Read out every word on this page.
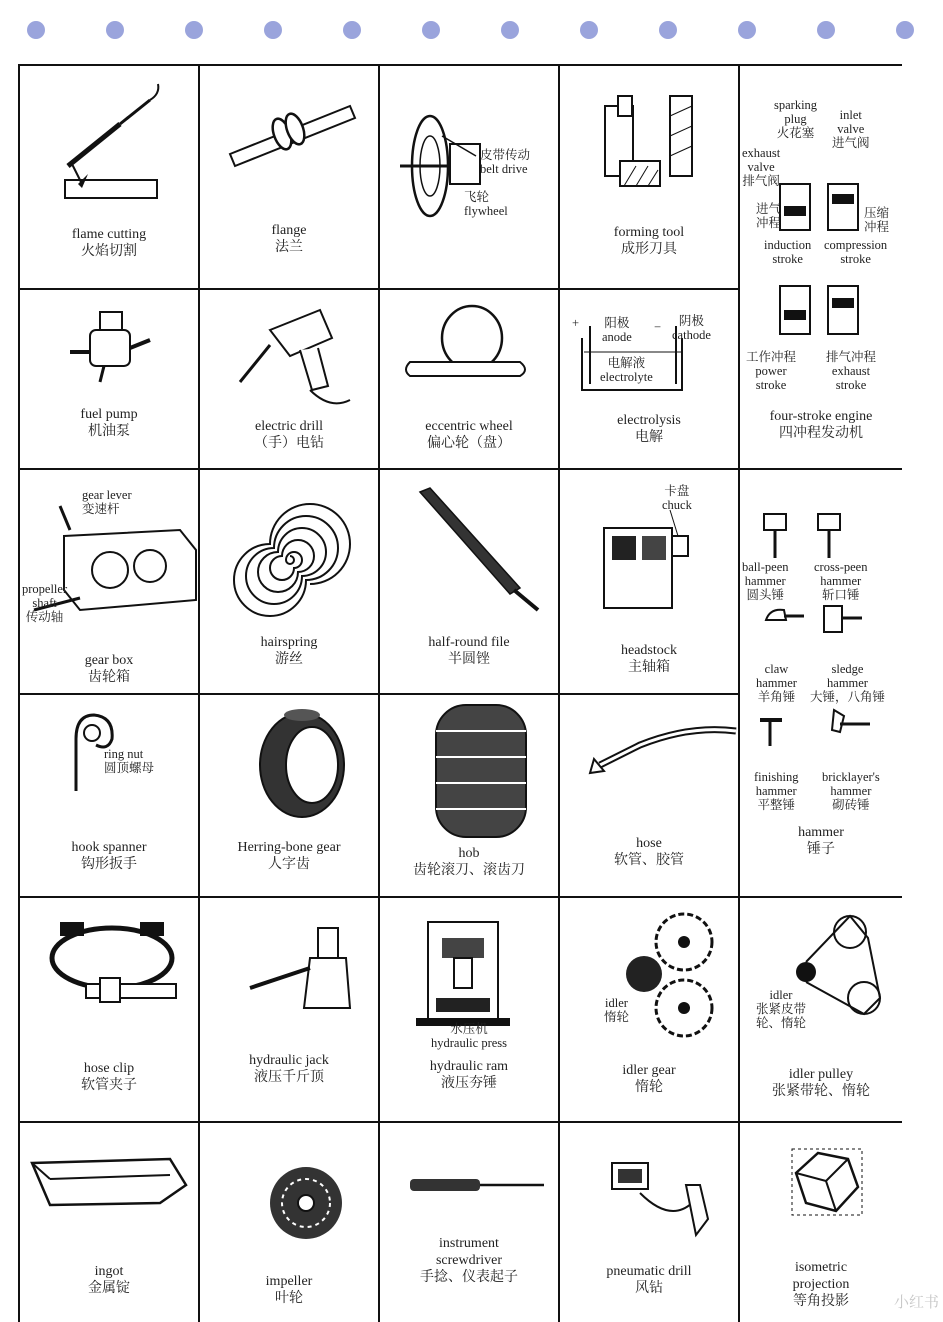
flame cutting
火焰切割
flange
法兰
皮带传动
belt drive
飞轮
flywheel
forming tool
成形刀具
sparking
plug
火花塞
inlet
valve
进气阀
exhaust
valve
排气阀
进气
冲程
压缩
冲程
induction
stroke
compression
stroke
工作冲程
power
stroke
排气冲程
exhaust
stroke
four-stroke engine
四冲程发动机
fuel pump
机油泵	electric drill
（手）电钻
eccentric wheel
偏心轮（盘）
+ 阳极
anode
−	阴极
cathode
电解液
electrolyte
electrolysis
电解
gear lever
变速杆
propeller
shaft
传动轴
gear box
齿轮箱
hairspring
游丝
half-round file
半圆锉
卡盘
chuck
headstock
主轴箱
ball-peen
hammer
圆头锤
cross-peen
hammer
斩口锤
claw
hammer
羊角锤
sledge
hammer
大锤，八角锤
finishing
hammer
平整锤
bricklayer's
hammer
砌砖锤
hammer
锤子
ring nut
圆顶螺母
hook spanner
钩形扳手
Herring-bone gear
人字齿
hob
齿轮滚刀、滚齿刀
hose
软管、胶管
hose clip
软管夹子
hydraulic jack
液压千斤顶
水压机
hydraulic press
hydraulic ram
液压夯锤
idler
惰轮
idler gear
惰轮
idler
张紧皮带
轮、惰轮
idler pulley
张紧带轮、惰轮
ingot
金属锭	impeller
叶轮
instrument
screwdriver
手捻、仪表起子	pneumatic drill
风钻
isometric
projection
等角投影	小红书
